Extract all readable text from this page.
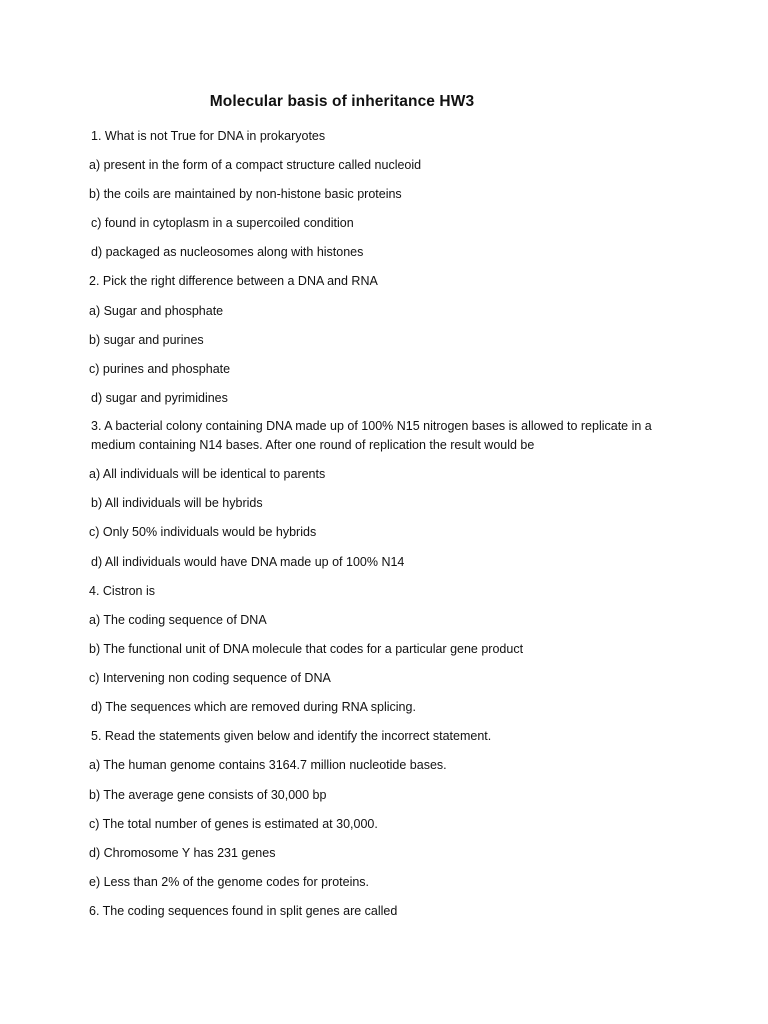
Molecular basis of inheritance HW3
1. What is not True for DNA in prokaryotes
a) present in the form of a compact structure called nucleoid
b) the coils are maintained by non-histone basic proteins
c) found in cytoplasm in a supercoiled condition
d) packaged as nucleosomes along with histones
2. Pick the right difference between a DNA and RNA
a) Sugar and phosphate
b) sugar and purines
c) purines and phosphate
d) sugar and pyrimidines
3. A bacterial colony containing DNA made up of 100% N15 nitrogen bases is allowed to replicate in a
medium containing N14 bases. After one round of replication the result would be
a) All individuals will be identical to parents
b) All individuals will be hybrids
c) Only 50% individuals would be hybrids
d) All individuals would have DNA made up of 100% N14
4. Cistron is
a) The coding sequence of DNA
b) The functional unit of DNA molecule that codes for a particular gene product
c) Intervening non coding sequence of DNA
d) The sequences which are removed during RNA splicing.
5. Read the statements given below and identify the incorrect statement.
a) The human genome contains 3164.7 million nucleotide bases.
b) The average gene consists of 30,000 bp
c) The total number of genes is estimated at 30,000.
d) Chromosome Y has 231 genes
e) Less than 2% of the genome codes for proteins.
6. The coding sequences found in split genes are called
